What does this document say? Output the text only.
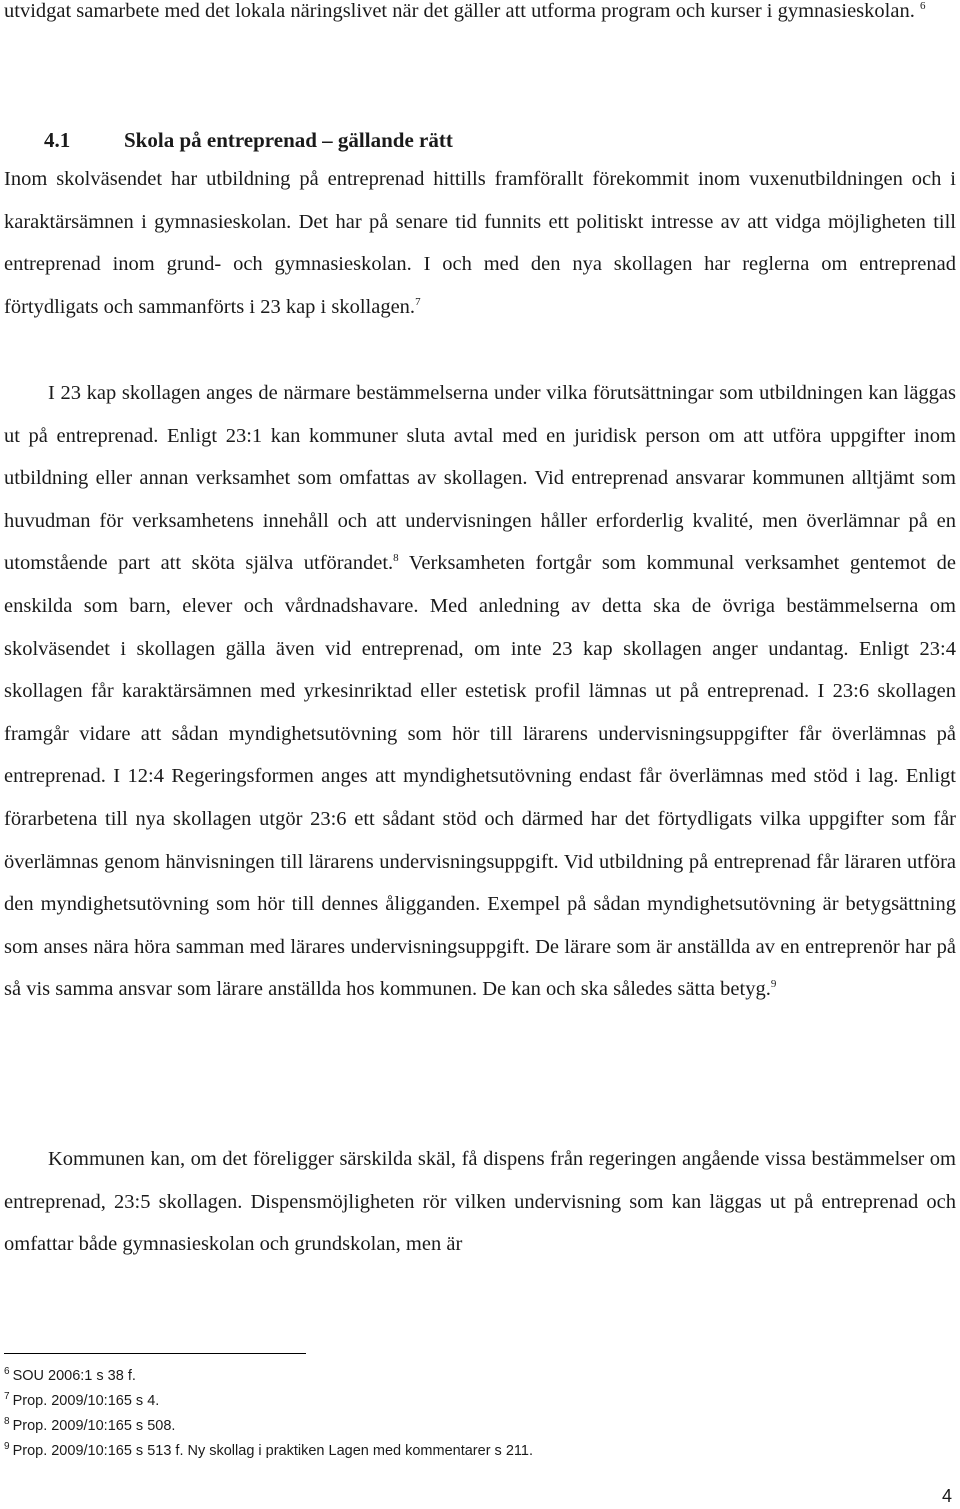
utvidgat samarbete med det lokala näringslivet när det gäller att utforma program och kurser i gymnasieskolan. $^6$

4.1	Skola på entreprenad – gällande rätt

Inom skolväsendet har utbildning på entreprenad hittills framförallt förekommit inom vuxenutbildningen och i karaktärsämnen i gymnasieskolan. Det har på senare tid funnits ett politiskt intresse av att vidga möjligheten till entreprenad inom grund- och gymnasieskolan. I och med den nya skollagen har reglerna om entreprenad förtydligats och sammanförts i 23 kap i skollagen.$^7$

I 23 kap skollagen anges de närmare bestämmelserna under vilka förutsättningar som utbildningen kan läggas ut på entreprenad. Enligt 23:1 kan kommuner sluta avtal med en juridisk person om att utföra uppgifter inom utbildning eller annan verksamhet som omfattas av skollagen. Vid entreprenad ansvarar kommunen alltjämt som huvudman för verksamhetens innehåll och att undervisningen håller erforderlig kvalité, men överlämnar på en utomstående part att sköta själva utförandet.$^8$ Verksamheten fortgår som kommunal verksamhet gentemot de enskilda som barn, elever och vårdnadshavare. Med anledning av detta ska de övriga bestämmelserna om skolväsendet i skollagen gälla även vid entreprenad, om inte 23 kap skollagen anger undantag. Enligt 23:4 skollagen får karaktärsämnen med yrkesinriktad eller estetisk profil lämnas ut på entreprenad. I 23:6 skollagen framgår vidare att sådan myndighetsutövning som hör till lärarens undervisningsuppgifter får överlämnas på entreprenad. I 12:4 Regeringsformen anges att myndighetsutövning endast får överlämnas med stöd i lag. Enligt förarbetena till nya skollagen utgör 23:6 ett sådant stöd och därmed har det förtydligats vilka uppgifter som får överlämnas genom hänvisningen till lärarens undervisningsuppgift. Vid utbildning på entreprenad får läraren utföra den myndighetsutövning som hör till dennes åligganden. Exempel på sådan myndighetsutövning är betygsättning som anses nära höra samman med lärares undervisningsuppgift. De lärare som är anställda av en entreprenör har på så vis samma ansvar som lärare anställda hos kommunen. De kan och ska således sätta betyg.$^9$

Kommunen kan, om det föreligger särskilda skäl, få dispens från regeringen angående vissa bestämmelser om entreprenad, 23:5 skollagen. Dispensmöjligheten rör vilken undervisning som kan läggas ut på entreprenad och omfattar både gymnasieskolan och grundskolan, men är

$^6$ SOU 2006:1 s 38 f.

$^7$ Prop. 2009/10:165 s 4.

$^8$ Prop. 2009/10:165 s 508.

$^9$ Prop. 2009/10:165 s 513 f. Ny skollag i praktiken Lagen med kommentarer s 211.

4
